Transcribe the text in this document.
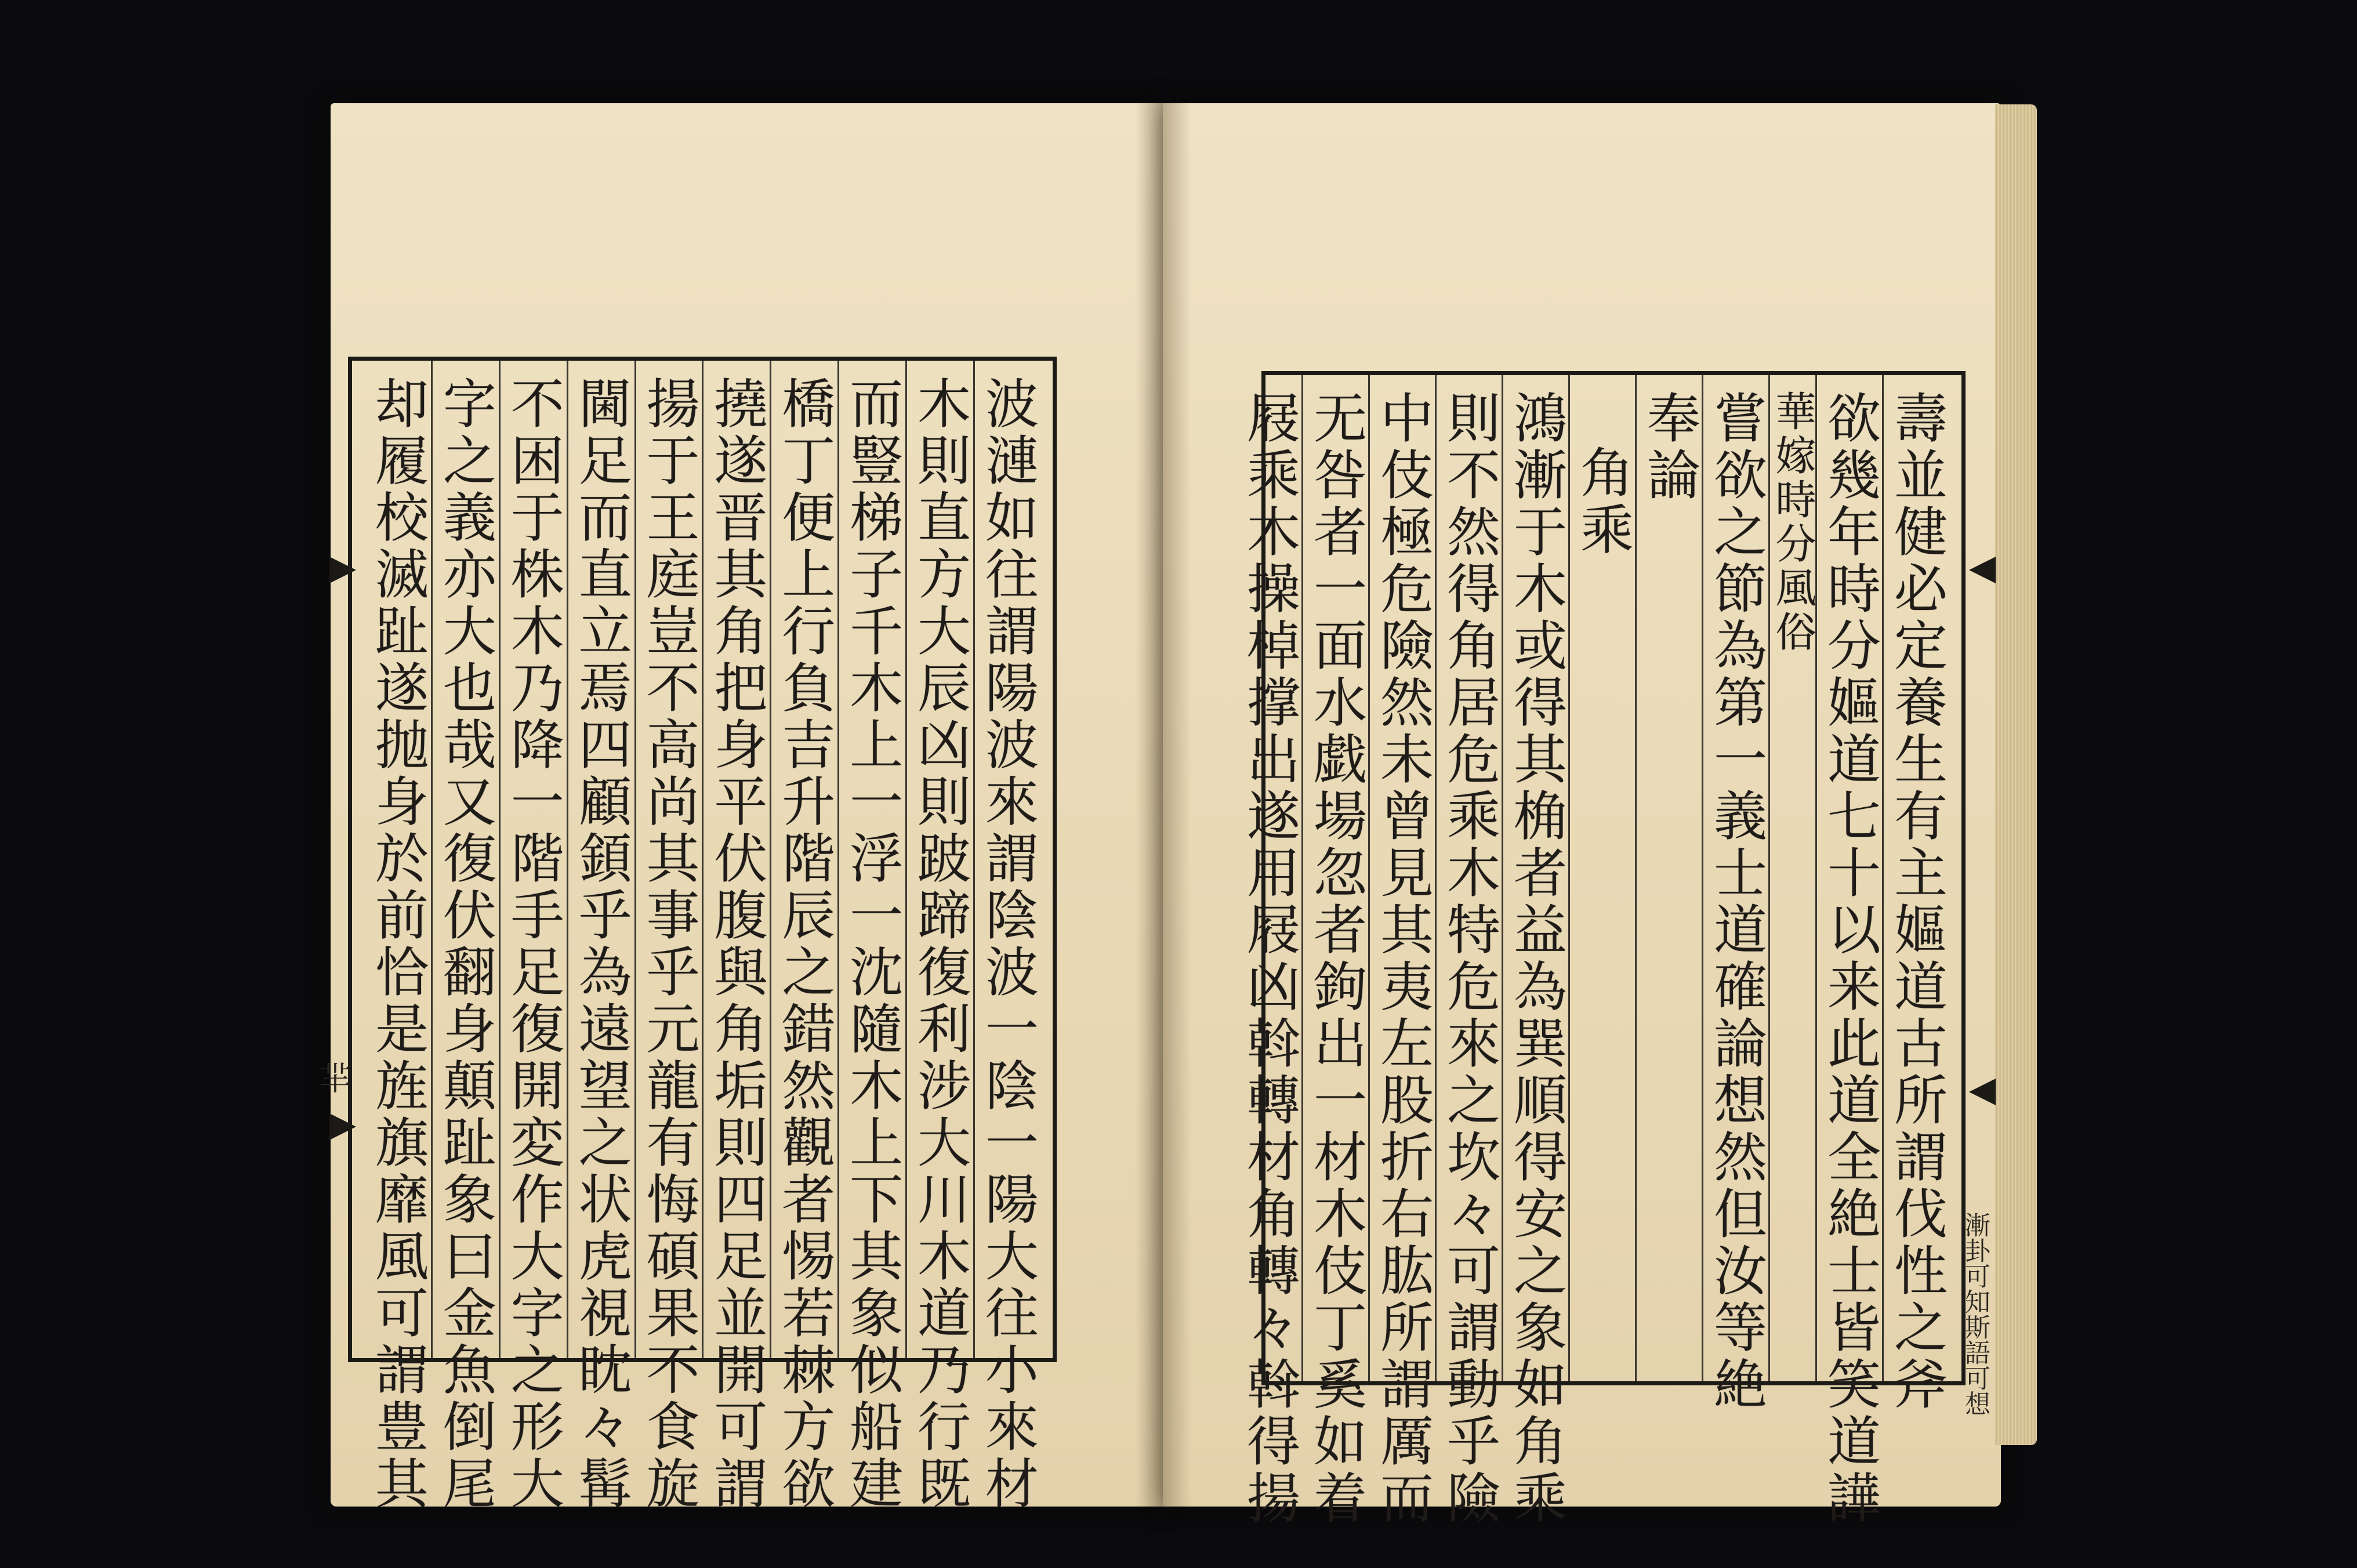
羋	波漣如往謂陽波來謂陰波一陰一陽大往小來材
木則直方大辰凶則跛蹄復利涉大川木道乃行既
而豎梯子千木上一浮一沈隨木上下其象似船建
橋丁便上行負吉升階辰之錯然觀者惕若棘方欲
撓遂晋其角把身平伏腹與角垢則四足並開可謂
揚于王庭豈不高尚其事乎元龍有悔碩果不食旋
閫足而直立焉四顧顉乎為遠望之状虎視眈々髯
不困于株木乃降一階手足復開変作大字之形大
字之義亦大也哉又復伏翻身顛趾象曰金魚倒尾
却履校滅趾遂抛身於前恰是旌旗靡風可謂豊其	壽並健必定養生有主嫗道古所謂伐性之斧
欲幾年時分嫗道七十以来此道全絶士皆笑道譁
華嫁時分風俗
嘗欲之節為第一義士道確論想然但汝等絶
奉論
角乘
鴻漸于木或得其桷者益為巽順得安之象如角乘
則不然得角居危乘木特危來之坎々可謂動乎險
中伎極危險然未曾見其夷左股折右肱所謂厲而
无咎者一面水戯場忽者鉤出一材木伎丁奚如着
屐乘木操棹撑出遂用屐凶斡轉材角轉々斡得揚	漸卦可知斯語可想
